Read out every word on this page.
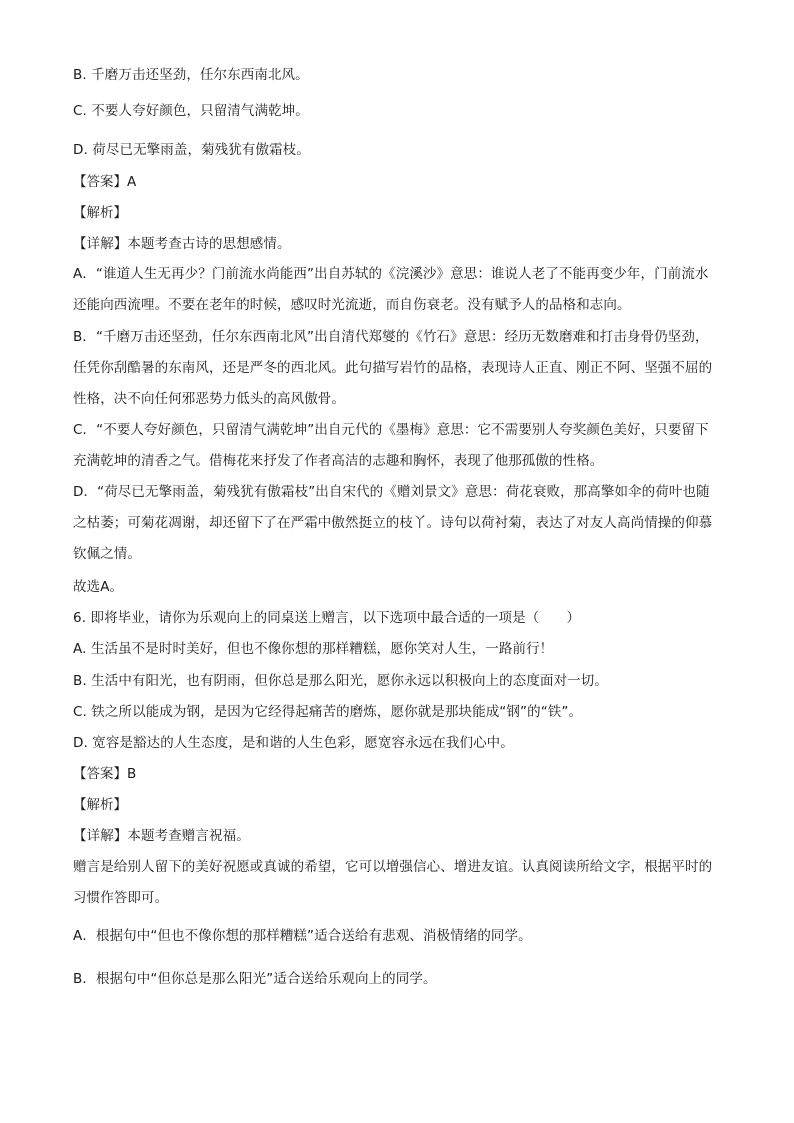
B. 千磨万击还坚劲，任尔东西南北风。
C. 不要人夸好颜色，只留清气满乾坤。
D. 荷尽已无擎雨盖，菊残犹有傲霜枝。
【答案】A
【解析】
【详解】本题考查古诗的思想感情。
A．“谁道人生无再少？门前流水尚能西”出自苏轼的《浣溪沙》意思：谁说人老了不能再变少年，门前流水还能向西流哩。不要在老年的时候，感叹时光流逝，而自伤衰老。没有赋予人的品格和志向。
B．“千磨万击还坚劲，任尔东西南北风”出自清代郑燮的《竹石》意思：经历无数磨难和打击身骨仍坚劲，任凭你刮酷暑的东南风，还是严冬的西北风。此句描写岩竹的品格，表现诗人正直、刚正不阿、坚强不屈的性格，决不向任何邪恶势力低头的高风傲骨。
C．“不要人夸好颜色，只留清气满乾坤”出自元代的《墨梅》意思：它不需要别人夸奖颜色美好，只要留下充满乾坤的清香之气。借梅花来抒发了作者高洁的志趣和胸怀，表现了他那孤傲的性格。
D．“荷尽已无擎雨盖，菊残犹有傲霜枝”出自宋代的《赠刘景文》意思：荷花衰败，那高擎如伞的荷叶也随之枯萎；可菊花凋谢，却还留下了在严霜中傲然挺立的枝丫。诗句以荷衬菊，表达了对友人高尚情操的仰慕钦佩之情。
故选A。
6. 即将毕业，请你为乐观向上的同桌送上赠言，以下选项中最合适的一项是（　　）
A. 生活虽不是时时美好，但也不像你想的那样糟糕，愿你笑对人生，一路前行！
B. 生活中有阳光，也有阴雨，但你总是那么阳光，愿你永远以积极向上的态度面对一切。
C. 铁之所以能成为钢，是因为它经得起痛苦的磨炼，愿你就是那块能成“钢”的“铁”。
D. 宽容是豁达的人生态度，是和谐的人生色彩，愿宽容永远在我们心中。
【答案】B
【解析】
【详解】本题考查赠言祝福。
赠言是给别人留下的美好祝愿或真诚的希望，它可以增强信心、增进友谊。认真阅读所给文字，根据平时的习惯作答即可。
A．根据句中“但也不像你想的那样糟糕”适合送给有悲观、消极情绪的同学。
B．根据句中“但你总是那么阳光”适合送给乐观向上的同学。
